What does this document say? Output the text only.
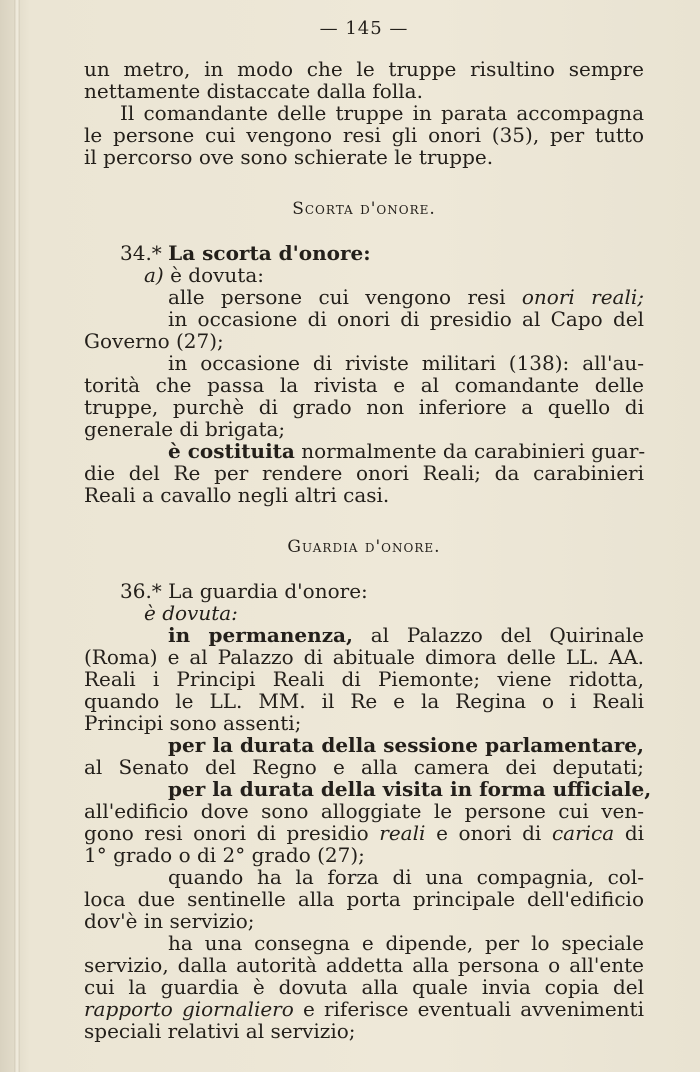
— 145 —
un metro, in modo che le truppe risultino sempre
nettamente distaccate dalla folla.
Il comandante delle truppe in parata accompagna
le persone cui vengono resi gli onori (35), per tutto
il percorso ove sono schierate le truppe.
Scorta d'onore.
34.* La scorta d'onore:
a) è dovuta:
alle persone cui vengono resi onori reali;
in occasione di onori di presidio al Capo del
Governo (27);
in occasione di riviste militari (138): all'au-
torità che passa la rivista e al comandante delle
truppe, purchè di grado non inferiore a quello di
generale di brigata;
è costituita normalmente da carabinieri guar-
die del Re per rendere onori Reali; da carabinieri
Reali a cavallo negli altri casi.
Guardia d'onore.
36.* La guardia d'onore:
è dovuta:
in permanenza, al Palazzo del Quirinale
(Roma) e al Palazzo di abituale dimora delle LL. AA.
Reali i Principi Reali di Piemonte; viene ridotta,
quando le LL. MM. il Re e la Regina o i Reali
Principi sono assenti;
per la durata della sessione parlamentare,
al Senato del Regno e alla camera dei deputati;
per la durata della visita in forma ufficiale,
all'edificio dove sono alloggiate le persone cui ven-
gono resi onori di presidio reali e onori di carica di
1° grado o di 2° grado (27);
quando ha la forza di una compagnia, col-
loca due sentinelle alla porta principale dell'edificio
dov'è in servizio;
ha una consegna e dipende, per lo speciale
servizio, dalla autorità addetta alla persona o all'ente
cui la guardia è dovuta alla quale invia copia del
rapporto giornaliero e riferisce eventuali avvenimenti
speciali relativi al servizio;
